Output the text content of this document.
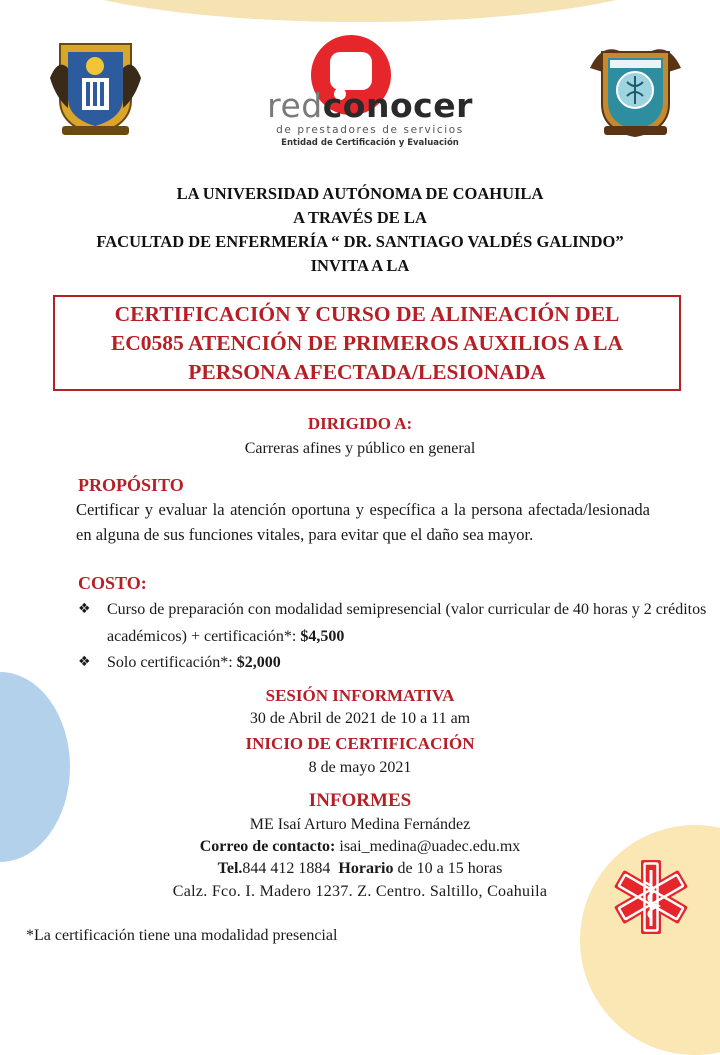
redconocer
de prestadores de servicios
Entidad de Certificación y Evaluación
LA UNIVERSIDAD AUTÓNOMA DE COAHUILA
A TRAVÉS DE LA
FACULTAD DE ENFERMERÍA “ DR. SANTIAGO VALDÉS GALINDO”
INVITA A LA
CERTIFICACIÓN Y CURSO DE ALINEACIÓN DEL
EC0585 ATENCIÓN DE PRIMEROS AUXILIOS A LA
PERSONA AFECTADA/LESIONADA
DIRIGIDO A:
Carreras afines y público en general
PROPÓSITO
Certificar y evaluar la atención oportuna y específica a la persona afectada/lesionada en alguna de sus funciones vitales, para evitar que el daño sea mayor.
COSTO:
❖	Curso de preparación con modalidad semipresencial (valor curricular de 40 horas y 2 créditos académicos) + certificación*: $4,500
❖	Solo certificación*: $2,000
SESIÓN INFORMATIVA
30 de Abril de 2021 de 10 a 11 am
INICIO DE CERTIFICACIÓN
8 de mayo 2021
INFORMES
ME Isaí Arturo Medina Fernández
Correo de contacto: isai_medina@uadec.edu.mx
Tel.844 412 1884 Horario de 10 a 15 horas
Calz. Fco. I. Madero 1237. Z. Centro. Saltillo, Coahuila
*La certificación tiene una modalidad presencial
